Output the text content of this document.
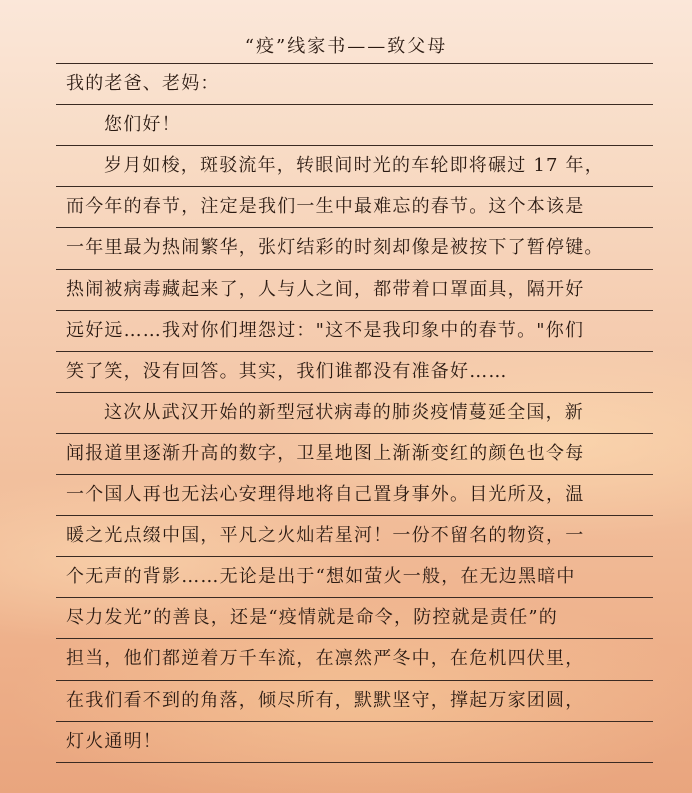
“疫”线家书——致父母
我的老爸、老妈：
您们好！
岁月如梭，斑驳流年，转眼间时光的车轮即将碾过 17 年，
而今年的春节，注定是我们一生中最难忘的春节。这个本该是
一年里最为热闹繁华，张灯结彩的时刻却像是被按下了暂停键。
热闹被病毒藏起来了，人与人之间，都带着口罩面具，隔开好
远好远……我对你们埋怨过："这不是我印象中的春节。"你们
笑了笑，没有回答。其实，我们谁都没有准备好……
这次从武汉开始的新型冠状病毒的肺炎疫情蔓延全国，新
闻报道里逐渐升高的数字，卫星地图上渐渐变红的颜色也令每
一个国人再也无法心安理得地将自己置身事外。目光所及，温
暖之光点缀中国，平凡之火灿若星河！一份不留名的物资，一
个无声的背影……无论是出于“想如萤火一般，在无边黑暗中
尽力发光”的善良，还是“疫情就是命令，防控就是责任”的
担当，他们都逆着万千车流，在凛然严冬中，在危机四伏里，
在我们看不到的角落，倾尽所有，默默坚守，撑起万家团圆，
灯火通明！
